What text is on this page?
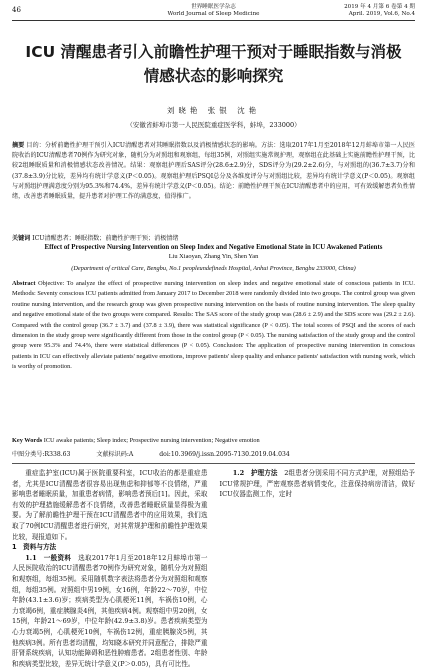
46	世界睡眠医学杂志
World Journal of Sleep Medicine
2019 年 4 月第 6 卷第 4 期
April. 2019, Vol.6, No.4
ICU 清醒患者引入前瞻性护理干预对于睡眠指数与消极情感状态的影响探究
刘晓艳 张银 沈艳
（安徽省蚌埠市第一人民医院重症医学科，蚌埠，233000）
摘要 目的：分析前瞻性护理干预引入ICU清醒患者对其睡眠指数以及消极情感状态的影响。方法：选取2017年1月至2018年12月蚌埠市第一人民医院收治的ICU清醒患者70例作为研究对象，随机分为对照组和观察组，每组35例，对照组实施常规护理，观察组在此基础上实施前瞻性护理干预，比较2组睡眠质量和消极情感状态改善情况。结果：观察组护理后SAS评分(28.6±2.9)分，SDS评分为(29.2±2.6)分，与对照组的(36.7±3.7)分和(37.8±3.9)分比较，差异均有统计学意义(P＜0.05)。观察组护理后PSQI总分及各维度评分与对照组比较，差异均有统计学意义(P＜0.05)。观察组与对照组护理满意度分别为95.3%和74.4%，差异有统计学意义(P＜0.05)。结论：前瞻性护理干预在ICU清醒患者中的应用，可有效缓解患者负性情绪，改善患者睡眠质量，提升患者对护理工作的满意度，值得推广。
关键词 ICU清醒患者；睡眠指数；前瞻性护理干预；消极情绪
Effect of Prospective Nursing Intervention on Sleep Index and Negative Emotional State in ICU Awakened Patients
Liu Xiaoyan, Zhang Yin, Shen Yan
(Department of critical Care, Bengbu, No.1 peopleundefineds Hospital, Anhui Province, Bengbu 233000, China)
Abstract Objective: To analyze the effect of prospective nursing intervention on sleep index and negative emotional state of conscious patients in ICU. Methods: Seventy conscious ICU patients admitted from January 2017 to December 2018 were randomly divided into two groups. The control group was given routine nursing intervention, and the research group was given prospective nursing intervention on the basis of routine nursing intervention. The sleep quality and negative emotional state of the two groups were compared. Results: The SAS score of the study group was (28.6 ± 2.9) and the SDS score was (29.2 ± 2.6). Compared with the control group (36.7 ± 3.7) and (37.8 ± 3.9), there was statistical significance (P < 0.05). The total scores of PSQI and the scores of each dimension in the study group were significantly different from those in the control group (P < 0.05). The nursing satisfaction of the study group and the control group were 95.3% and 74.4%, there were statistical differences (P < 0.05). Conclusion: The application of prospective nursing intervention in conscious patients in ICU can effectively alleviate patients' negative emotions, improve patients' sleep quality and enhance patients' satisfaction with nursing work, which is worthy of promotion.
Key Words ICU awake patients; Sleep index; Prospective nursing intervention; Negative emotion
中图分类号:R338.63	文献标识码:A	doi:10.3969/j.issn.2095-7130.2019.04.034

重症监护室(ICU)属于医院重要科室，ICU收治的都是重症患者，尤其是ICU清醒患者很容易出现焦虑和抑郁等不良情绪，严重影响患者睡眠质量，加重患者病情，影响患者预后[1]。因此，采取有效的护理措施缓解患者不良情绪，改善患者睡眠质量显得极为重要。为了解前瞻性护理干预在ICU清醒患者中的应用效果，我们选取了70例ICU清醒患者进行研究，对其常规护理和前瞻性护理效果比较，现报道如下。

1　资料与方法

1.1　一般资料　 选取2017年1月至2018年12月蚌埠市第一人民医院收治的ICU清醒患者70例作为研究对象，随机分为对照组和观察组，每组35例。采用随机数字表法将患者分为对照组和观察组，每组35例。对照组中男19例，女16例，年龄22～70岁，中位年龄(43.1±3.6)岁；疾病类型为心肌梗死11例，车祸伤10例，心力衰竭6例，重症胰腺炎4例，其他疾病4例。观察组中男20例，女15例，年龄21～69岁，中位年龄(42.9±3.8)岁。患者疾病类型为心力衰竭5例，心肌梗死10例，车祸伤12例，重症胰腺炎5例，其他疾病3例。所有患者均清醒，均知晓本研究并同意配合，排除严重肝肾系统疾病，认知功能障碍和恶性肿瘤患者。2组患者性别、年龄和疾病类型比较，差异无统计学意义(P＞0.05)，具有可比性。

1.2　护理方法　 2组患者分别采用不同方式护理，对照组给予ICU常规护理，严密观察患者病情变化，注意保持病房清洁，做好ICU仪器监测工作，定时
